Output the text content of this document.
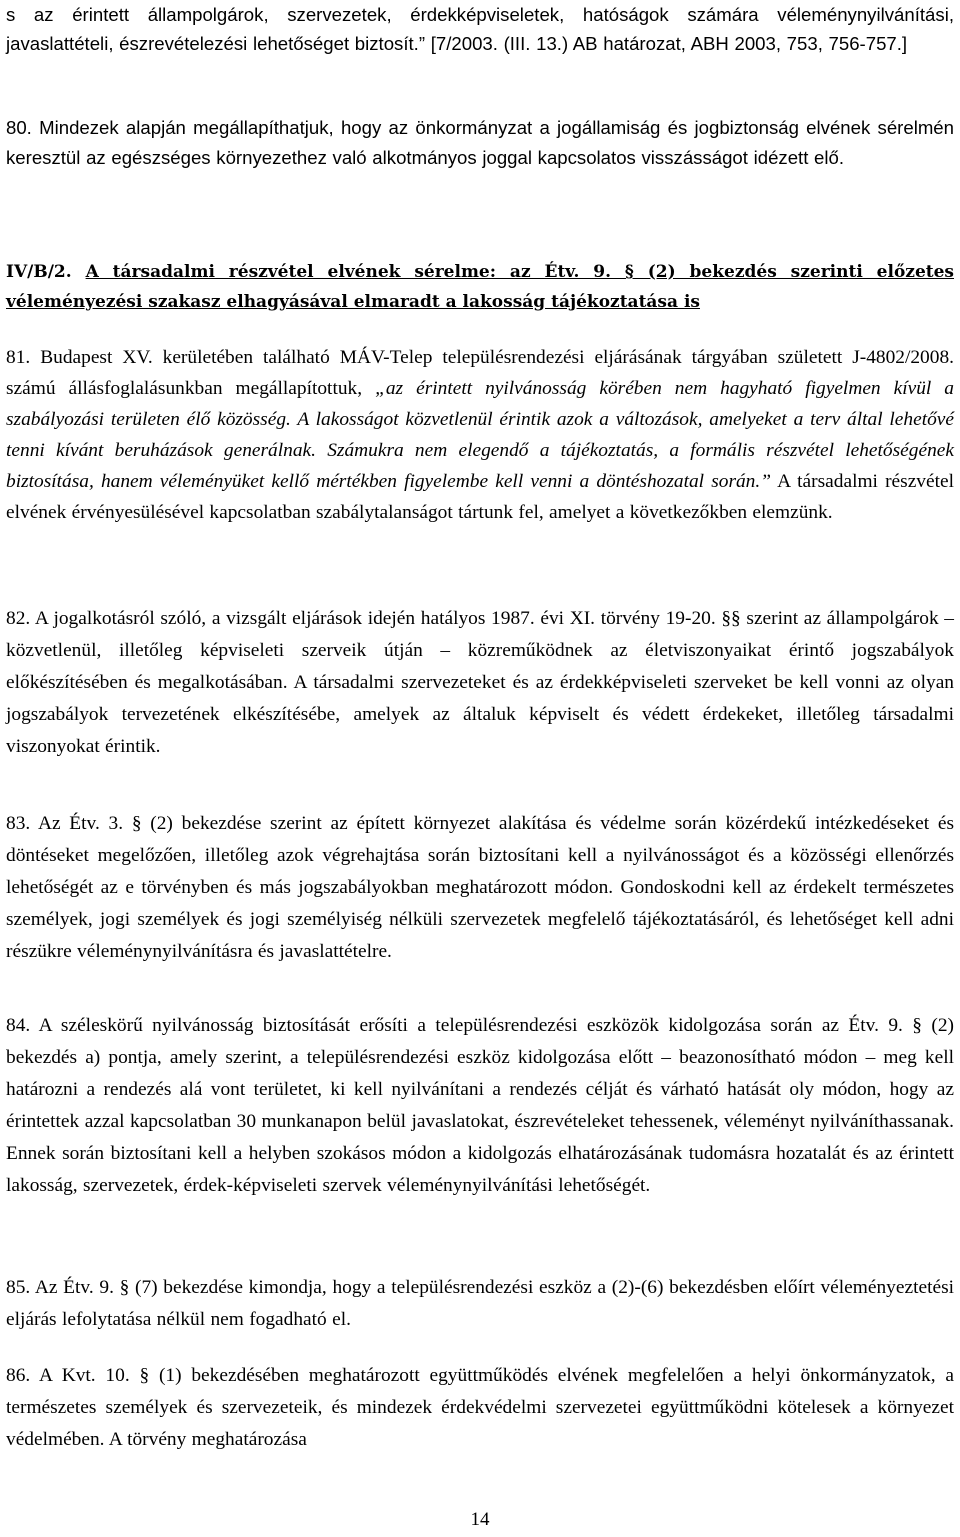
s az érintett állampolgárok, szervezetek, érdekképviseletek, hatóságok számára véleménynyilvánítási, javaslattételi, észrevételezési lehetőséget biztosít.” [7/2003. (III. 13.) AB határozat, ABH 2003, 753, 756-757.]

80. Mindezek alapján megállapíthatjuk, hogy az önkormányzat a jogállamiság és jogbiztonság elvének sérelmén keresztül az egészséges környezethez való alkotmányos joggal kapcsolatos visszásságot idézett elő.

IV/B/2. A társadalmi részvétel elvének sérelme: az Étv. 9. § (2) bekezdés szerinti előzetes véleményezési szakasz elhagyásával elmaradt a lakosság tájékoztatása is

81. Budapest XV. kerületében található MÁV-Telep településrendezési eljárásának tárgyában született J-4802/2008. számú állásfoglalásunkban megállapítottuk, „az érintett nyilvánosság körében nem hagyható figyelmen kívül a szabályozási területen élő közösség. A lakosságot közvetlenül érintik azok a változások, amelyeket a terv által lehetővé tenni kívánt beruházások generálnak. Számukra nem elegendő a tájékoztatás, a formális részvétel lehetőségének biztosítása, hanem véleményüket kellő mértékben figyelembe kell venni a döntéshozatal során.” A társadalmi részvétel elvének érvényesülésével kapcsolatban szabálytalanságot tártunk fel, amelyet a következőkben elemzünk.

82. A jogalkotásról szóló, a vizsgált eljárások idején hatályos 1987. évi XI. törvény 19-20. §§ szerint az állampolgárok – közvetlenül, illetőleg képviseleti szerveik útján – közreműködnek az életviszonyaikat érintő jogszabályok előkészítésében és megalkotásában. A társadalmi szervezeteket és az érdekképviseleti szerveket be kell vonni az olyan jogszabályok tervezetének elkészítésébe, amelyek az általuk képviselt és védett érdekeket, illetőleg társadalmi viszonyokat érintik.

83. Az Étv. 3. § (2) bekezdése szerint az épített környezet alakítása és védelme során közérdekű intézkedéseket és döntéseket megelőzően, illetőleg azok végrehajtása során biztosítani kell a nyilvánosságot és a közösségi ellenőrzés lehetőségét az e törvényben és más jogszabályokban meghatározott módon. Gondoskodni kell az érdekelt természetes személyek, jogi személyek és jogi személyiség nélküli szervezetek megfelelő tájékoztatásáról, és lehetőséget kell adni részükre véleménynyilvánításra és javaslattételre.

84. A széleskörű nyilvánosság biztosítását erősíti a településrendezési eszközök kidolgozása során az Étv. 9. § (2) bekezdés a) pontja, amely szerint, a településrendezési eszköz kidolgozása előtt – beazonosítható módon – meg kell határozni a rendezés alá vont területet, ki kell nyilvánítani a rendezés célját és várható hatását oly módon, hogy az érintettek azzal kapcsolatban 30 munkanapon belül javaslatokat, észrevételeket tehessenek, véleményt nyilváníthassanak. Ennek során biztosítani kell a helyben szokásos módon a kidolgozás elhatározásának tudomásra hozatalát és az érintett lakosság, szervezetek, érdek-képviseleti szervek véleménynyilvánítási lehetőségét.

85. Az Étv. 9. § (7) bekezdése kimondja, hogy a településrendezési eszköz a (2)-(6) bekezdésben előírt véleményeztetési eljárás lefolytatása nélkül nem fogadható el.

86. A Kvt. 10. § (1) bekezdésében meghatározott együttműködés elvének megfelelően a helyi önkormányzatok, a természetes személyek és szervezeteik, és mindezek érdekvédelmi szervezetei együttműködni kötelesek a környezet védelmében. A törvény meghatározása

14
